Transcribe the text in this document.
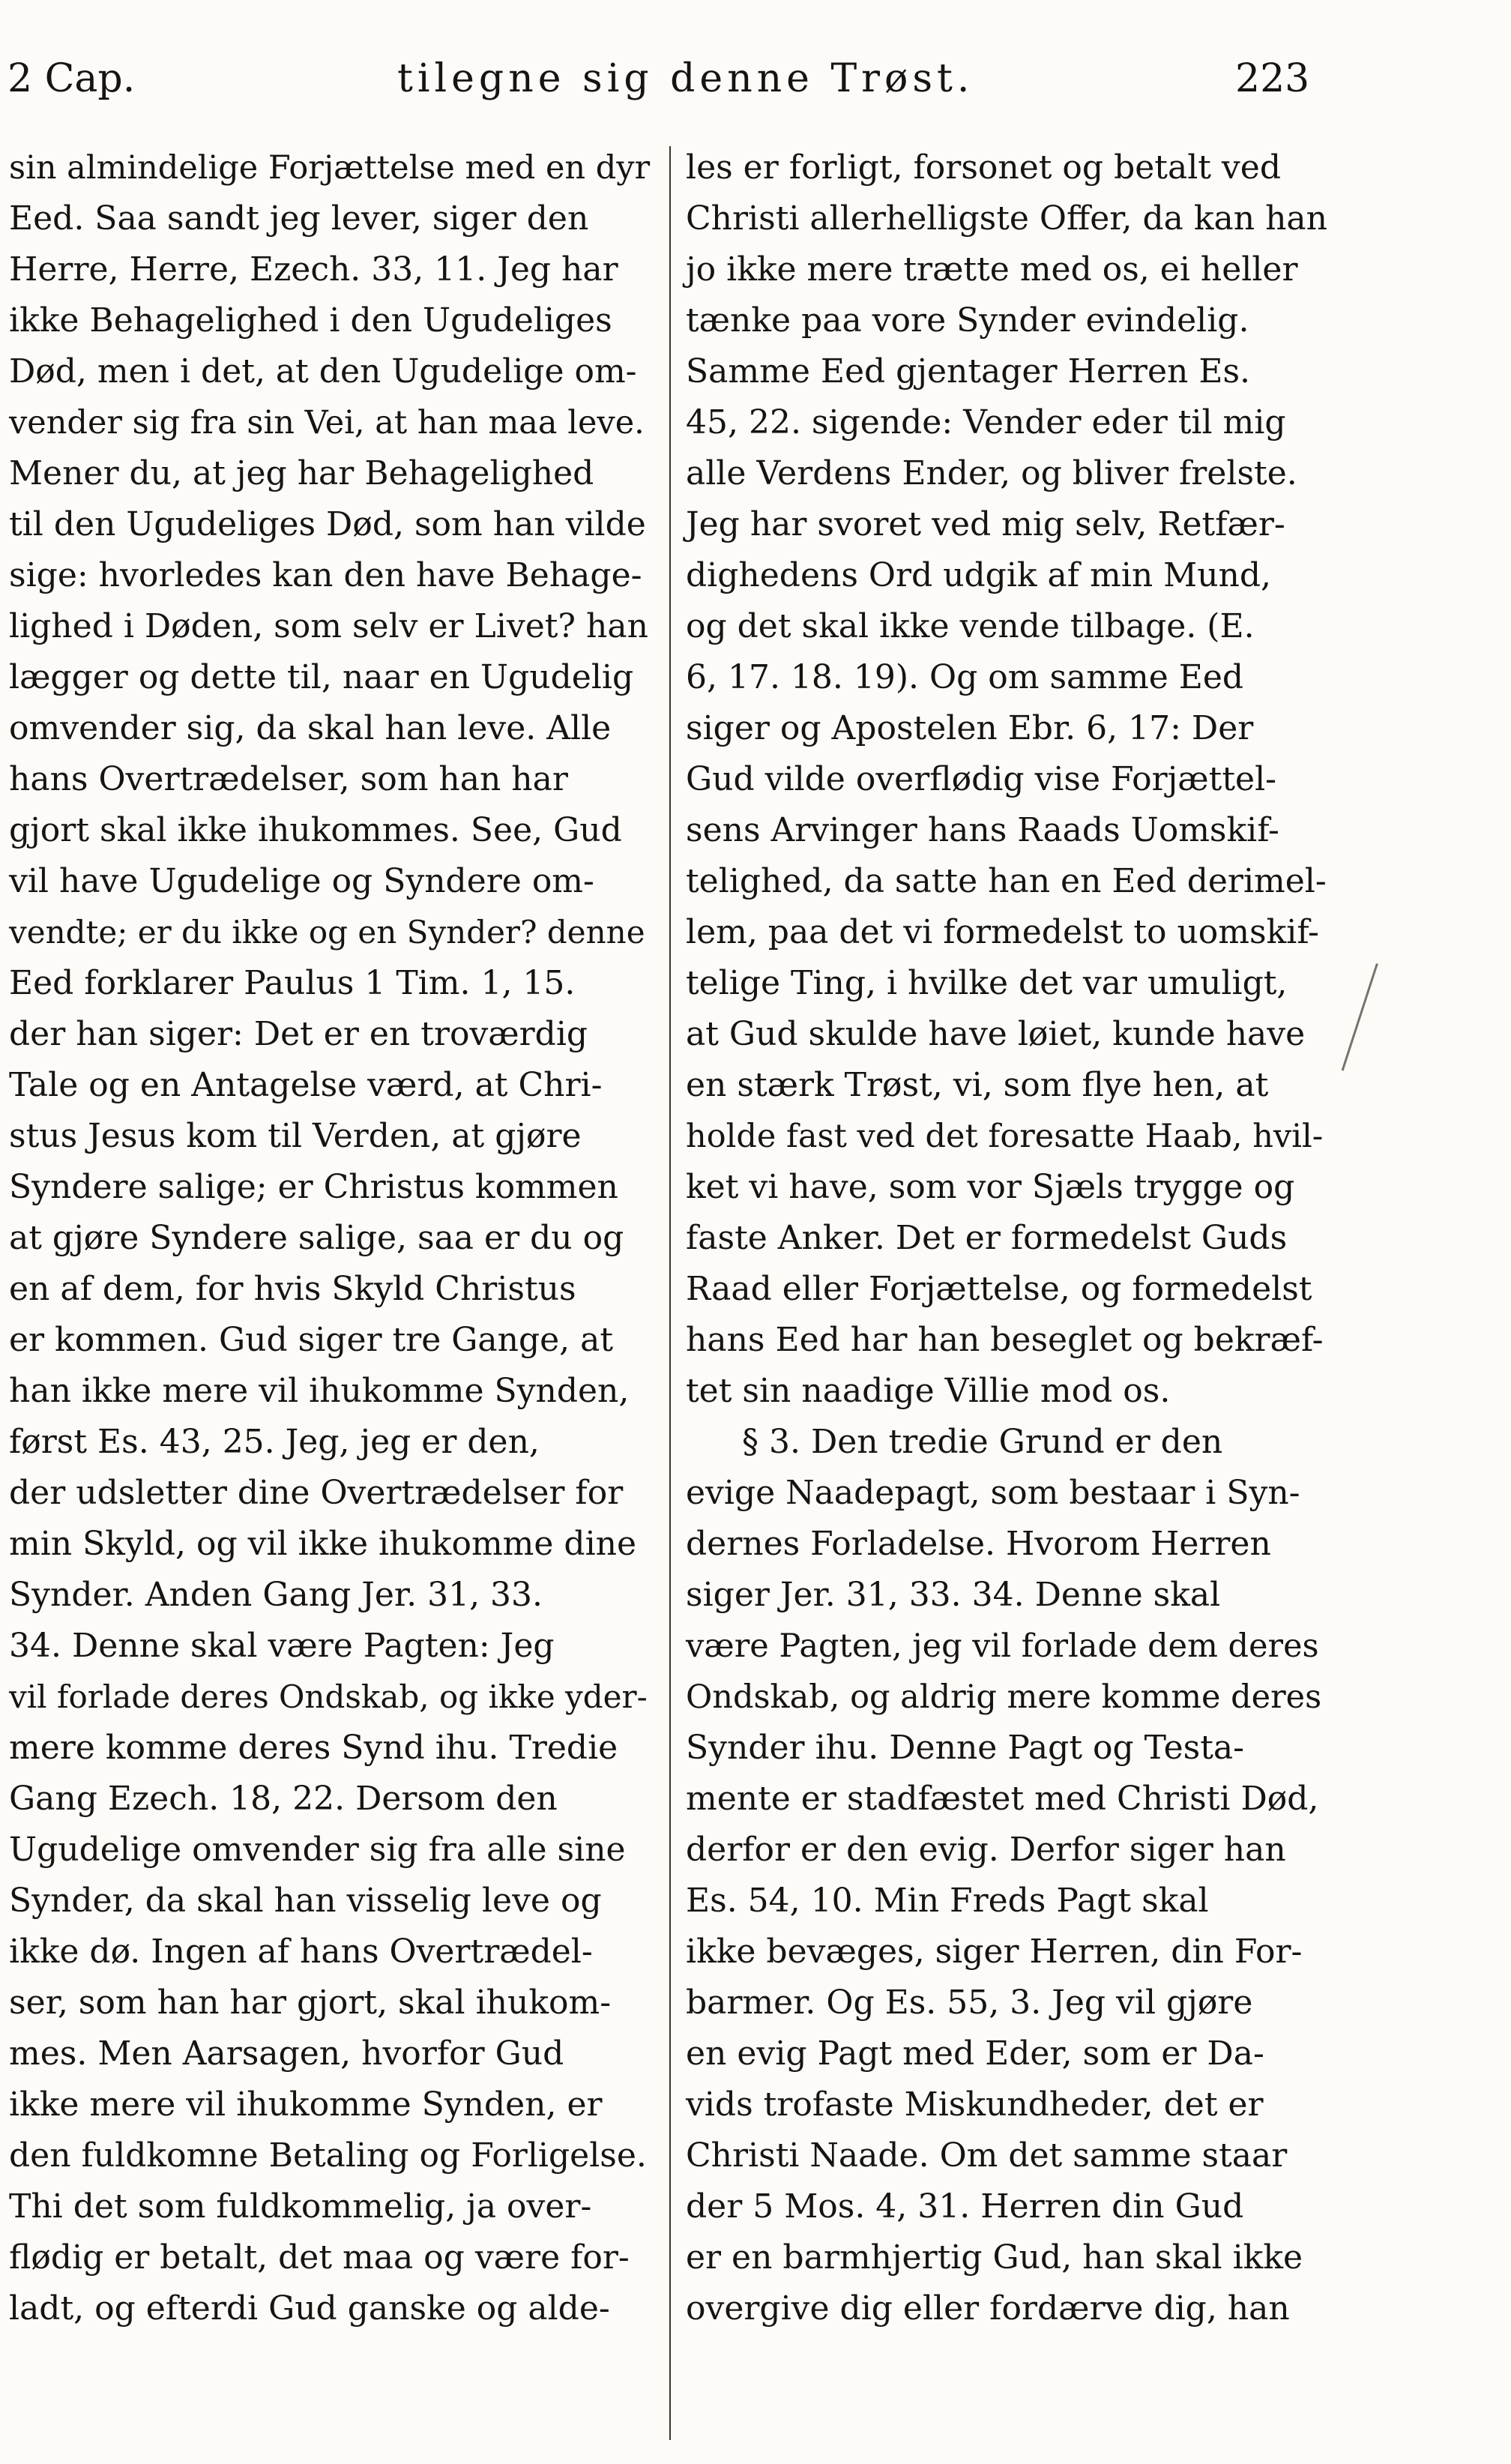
2 Cap.	tilegne sig denne Trøst.	223
sin almindelige Forjættelse med en dyr
Eed. Saa sandt jeg lever, siger den
Herre, Herre, Ezech. 33, 11. Jeg har
ikke Behagelighed i den Ugudeliges
Død, men i det, at den Ugudelige om-
vender sig fra sin Vei, at han maa leve.
Mener du, at jeg har Behagelighed
til den Ugudeliges Død, som han vilde
sige: hvorledes kan den have Behage-
lighed i Døden, som selv er Livet? han
lægger og dette til, naar en Ugudelig
omvender sig, da skal han leve. Alle
hans Overtrædelser, som han har
gjort skal ikke ihukommes. See, Gud
vil have Ugudelige og Syndere om-
vendte; er du ikke og en Synder? denne
Eed forklarer Paulus 1 Tim. 1, 15.
der han siger: Det er en troværdig
Tale og en Antagelse værd, at Chri-
stus Jesus kom til Verden, at gjøre
Syndere salige; er Christus kommen
at gjøre Syndere salige, saa er du og
en af dem, for hvis Skyld Christus
er kommen. Gud siger tre Gange, at
han ikke mere vil ihukomme Synden,
først Es. 43, 25. Jeg, jeg er den,
der udsletter dine Overtrædelser for
min Skyld, og vil ikke ihukomme dine
Synder. Anden Gang Jer. 31, 33.
34. Denne skal være Pagten: Jeg
vil forlade deres Ondskab, og ikke yder-
mere komme deres Synd ihu. Tredie
Gang Ezech. 18, 22. Dersom den
Ugudelige omvender sig fra alle sine
Synder, da skal han visselig leve og
ikke dø. Ingen af hans Overtrædel-
ser, som han har gjort, skal ihukom-
mes. Men Aarsagen, hvorfor Gud
ikke mere vil ihukomme Synden, er
den fuldkomne Betaling og Forligelse.
Thi det som fuldkommelig, ja over-
flødig er betalt, det maa og være for-
ladt, og efterdi Gud ganske og alde-
les er forligt, forsonet og betalt ved
Christi allerhelligste Offer, da kan han
jo ikke mere trætte med os, ei heller
tænke paa vore Synder evindelig.
Samme Eed gjentager Herren Es.
45, 22. sigende: Vender eder til mig
alle Verdens Ender, og bliver frelste.
Jeg har svoret ved mig selv, Retfær-
dighedens Ord udgik af min Mund,
og det skal ikke vende tilbage. (E.
6, 17. 18. 19). Og om samme Eed
siger og Apostelen Ebr. 6, 17: Der
Gud vilde overflødig vise Forjættel-
sens Arvinger hans Raads Uomskif-
telighed, da satte han en Eed derimel-
lem, paa det vi formedelst to uomskif-
telige Ting, i hvilke det var umuligt,
at Gud skulde have løiet, kunde have
en stærk Trøst, vi, som flye hen, at
holde fast ved det foresatte Haab, hvil-
ket vi have, som vor Sjæls trygge og
faste Anker. Det er formedelst Guds
Raad eller Forjættelse, og formedelst
hans Eed har han beseglet og bekræf-
tet sin naadige Villie mod os.
§ 3. Den tredie Grund er den
evige Naadepagt, som bestaar i Syn-
dernes Forladelse. Hvorom Herren
siger Jer. 31, 33. 34. Denne skal
være Pagten, jeg vil forlade dem deres
Ondskab, og aldrig mere komme deres
Synder ihu. Denne Pagt og Testa-
mente er stadfæstet med Christi Død,
derfor er den evig. Derfor siger han
Es. 54, 10. Min Freds Pagt skal
ikke bevæges, siger Herren, din For-
barmer. Og Es. 55, 3. Jeg vil gjøre
en evig Pagt med Eder, som er Da-
vids trofaste Miskundheder, det er
Christi Naade. Om det samme staar
der 5 Mos. 4, 31. Herren din Gud
er en barmhjertig Gud, han skal ikke
overgive dig eller fordærve dig, han
